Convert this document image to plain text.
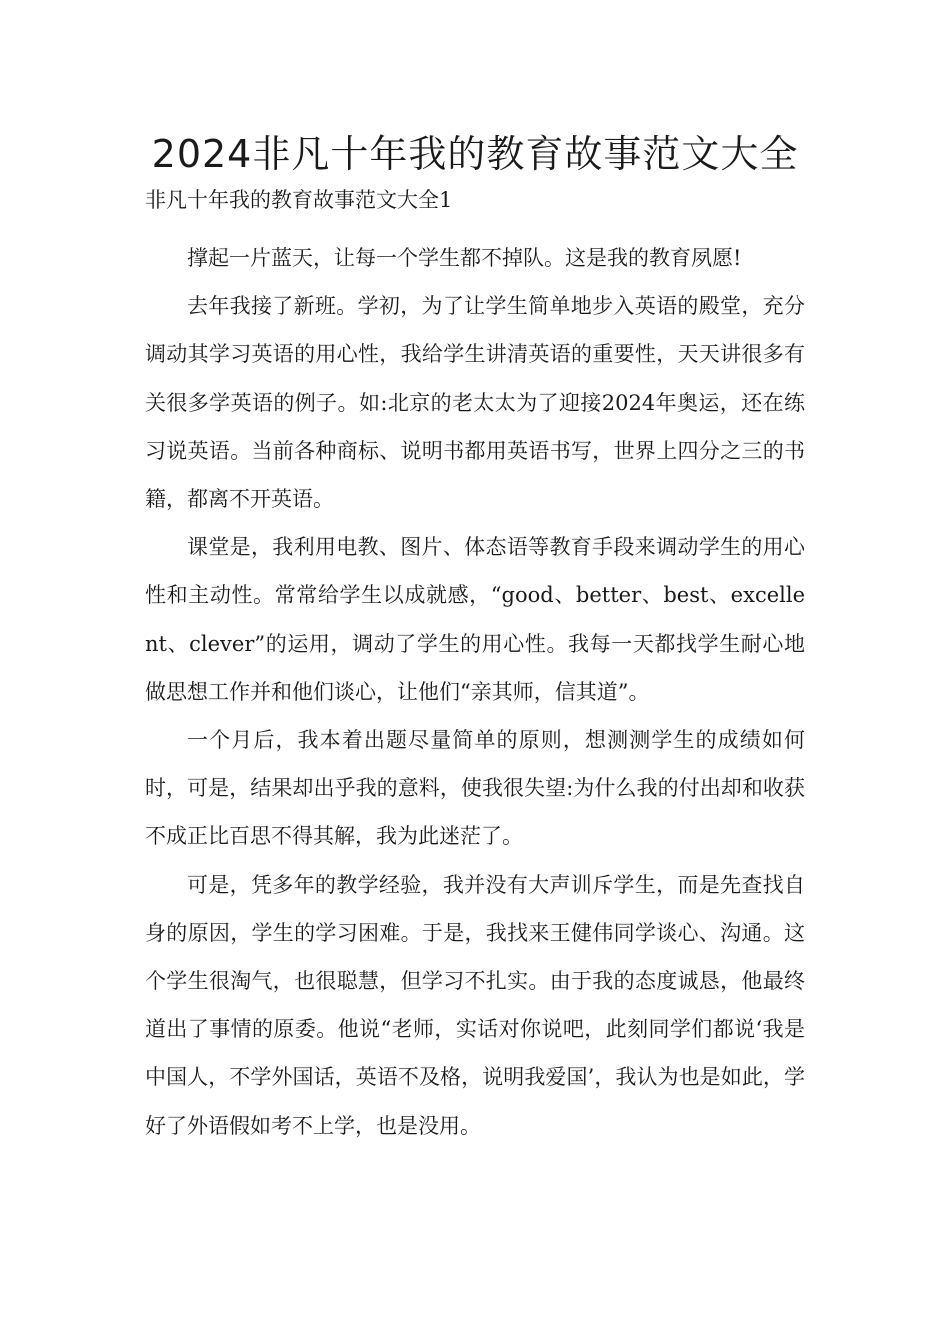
2024非凡十年我的教育故事范文大全
非凡十年我的教育故事范文大全1

撑起一片蓝天，让每一个学生都不掉队。这是我的教育夙愿!

去年我接了新班。学初，为了让学生简单地步入英语的殿堂，充分调动其学习英语的用心性，我给学生讲清英语的重要性，天天讲很多有关很多学英语的例子。如:北京的老太太为了迎接2024年奥运，还在练习说英语。当前各种商标、说明书都用英语书写，世界上四分之三的书籍，都离不开英语。

课堂是，我利用电教、图片、体态语等教育手段来调动学生的用心性和主动性。常常给学生以成就感，“good、better、best、excellent、clever”的运用，调动了学生的用心性。我每一天都找学生耐心地做思想工作并和他们谈心，让他们“亲其师，信其道”。

一个月后，我本着出题尽量简单的原则，想测测学生的成绩如何时，可是，结果却出乎我的意料，使我很失望:为什么我的付出却和收获不成正比百思不得其解，我为此迷茫了。

可是，凭多年的教学经验，我并没有大声训斥学生，而是先查找自身的原因，学生的学习困难。于是，我找来王健伟同学谈心、沟通。这个学生很淘气，也很聪慧，但学习不扎实。由于我的态度诚恳，他最终道出了事情的原委。他说“老师，实话对你说吧，此刻同学们都说‘我是中国人，不学外国话，英语不及格，说明我爱国’，我认为也是如此，学好了外语假如考不上学，也是没用。
